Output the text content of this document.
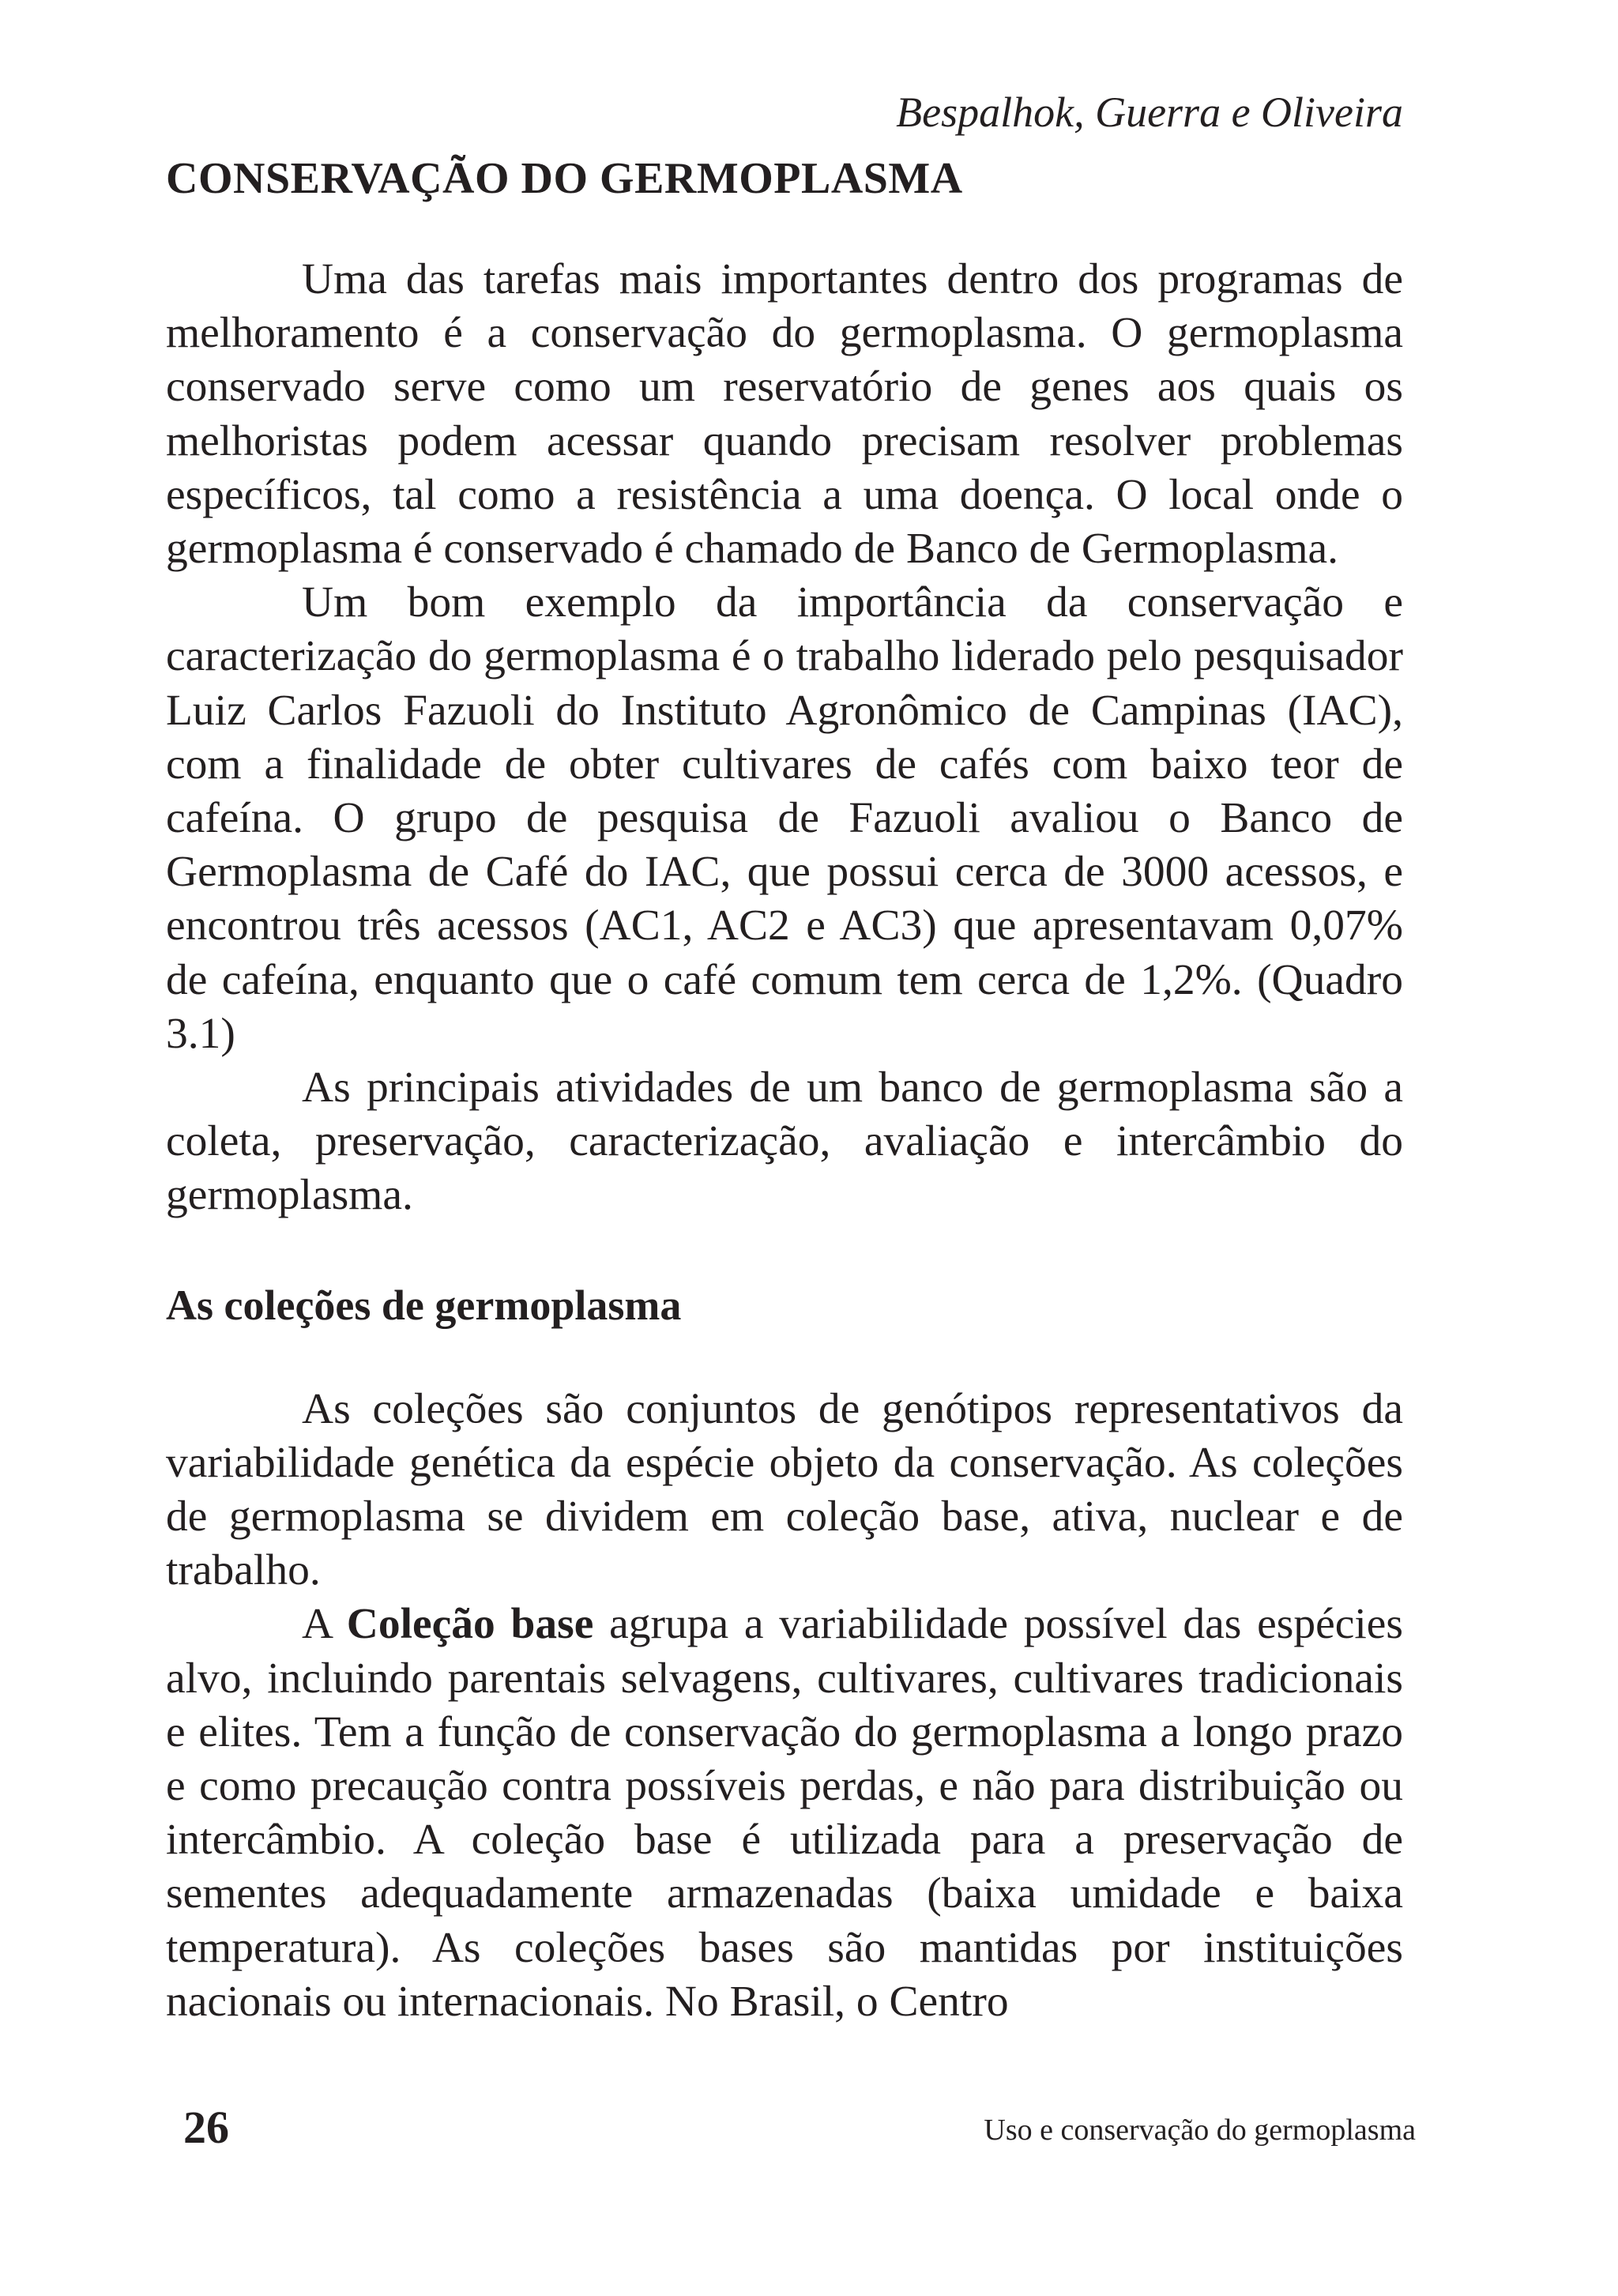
Bespalhok, Guerra e Oliveira
CONSERVAÇÃO DO GERMOPLASMA

Uma das tarefas mais importantes dentro dos programas de melhoramento é a conservação do germoplasma. O germoplasma conservado serve como um reservatório de genes aos quais os melhoristas podem acessar quando precisam resolver problemas específicos, tal como a resistência a uma doença. O local onde o germoplasma é conservado é chamado de Banco de Germoplasma.

Um bom exemplo da importância da conservação e caracterização do germoplasma é o trabalho liderado pelo pesquisador Luiz Carlos Fazuoli do Instituto Agronômico de Campinas (IAC), com a finalidade de obter cultivares de cafés com baixo teor de cafeína. O grupo de pesquisa de Fazuoli avaliou o Banco de Germoplasma de Café do IAC, que possui cerca de 3000 acessos, e encontrou três acessos (AC1, AC2 e AC3) que apresentavam 0,07% de cafeína, enquanto que o café comum tem cerca de 1,2%. (Quadro 3.1)

As principais atividades de um banco de germoplasma são a coleta, preservação, caracterização, avaliação e intercâmbio do germoplasma.

As coleções de germoplasma

As coleções são conjuntos de genótipos representativos da variabilidade genética da espécie objeto da conservação. As coleções de germoplasma se dividem em coleção base, ativa, nuclear e de trabalho.

A Coleção base agrupa a variabilidade possível das espécies alvo, incluindo parentais selvagens, cultivares, cultivares tradicionais e elites. Tem a função de conservação do germoplasma a longo prazo e como precaução contra possíveis perdas, e não para distribuição ou intercâmbio. A coleção base é utilizada para a preservação de sementes adequadamente armazenadas (baixa umidade e baixa temperatura). As coleções bases são mantidas por instituições nacionais ou internacionais. No Brasil, o Centro

26	Uso e conservação do germoplasma
